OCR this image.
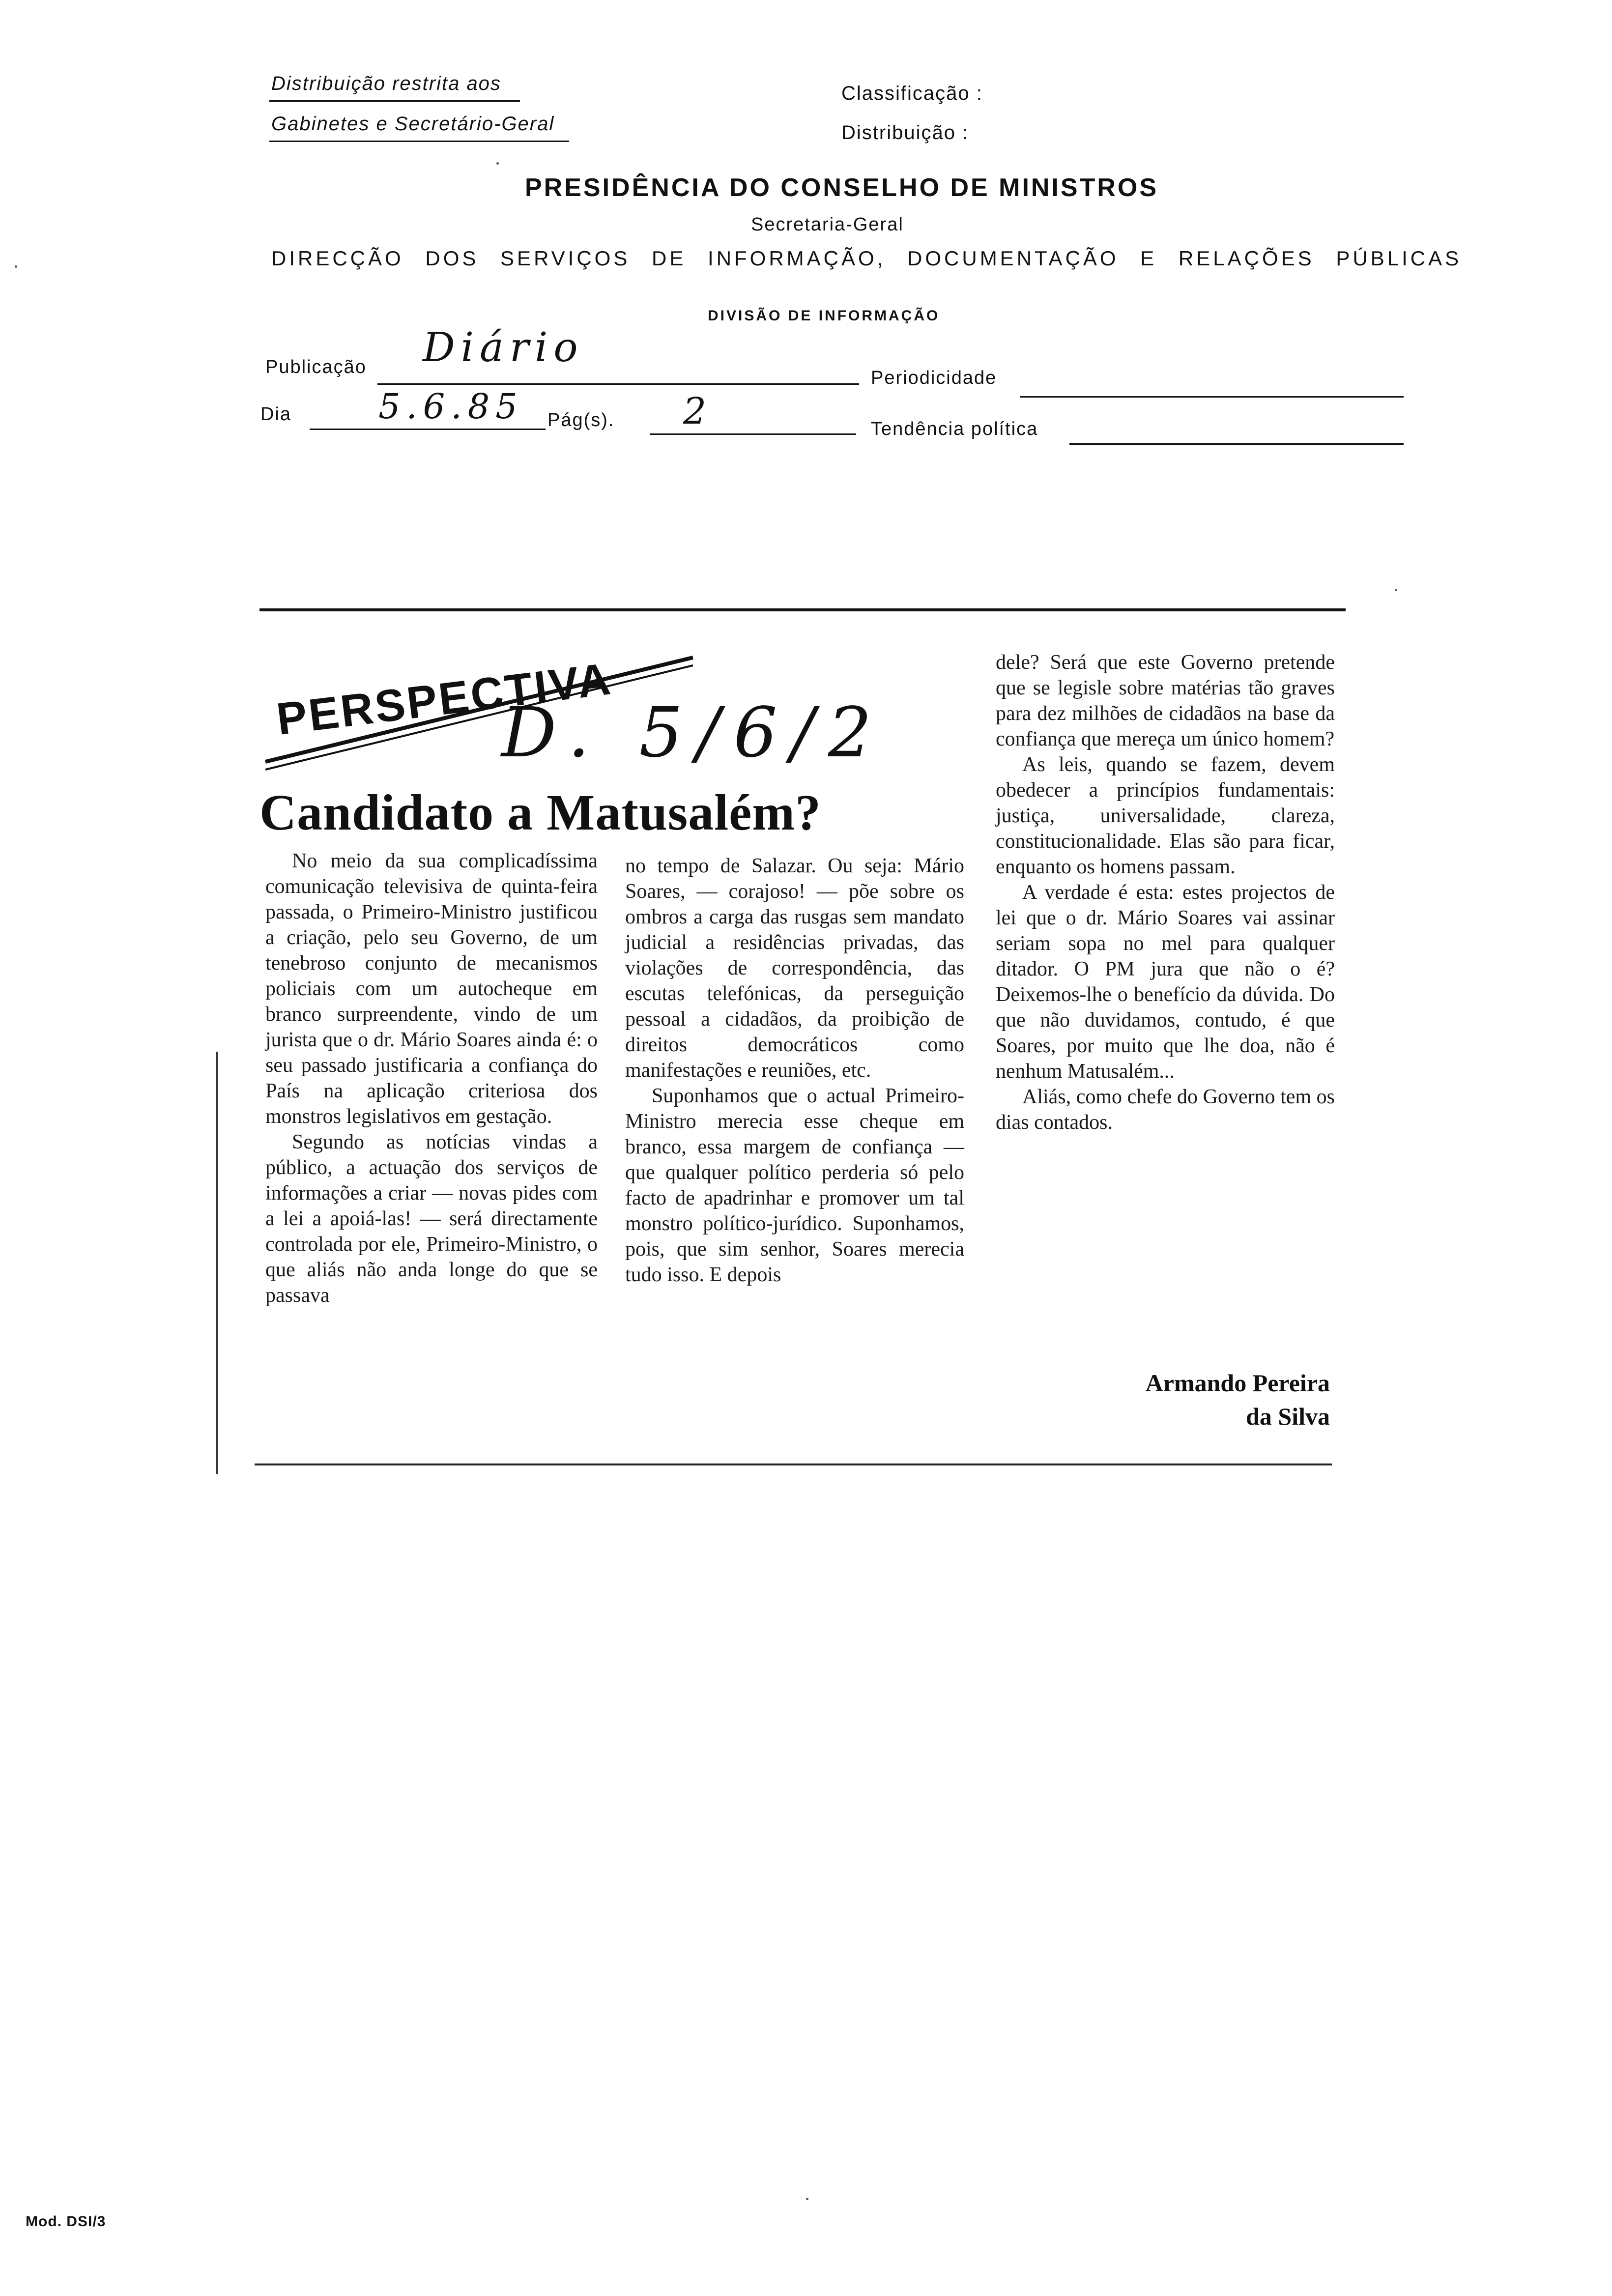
Distribuição restrita aos
Gabinetes e Secretário-Geral
Classificação :
Distribuição :
PRESIDÊNCIA DO CONSELHO DE MINISTROS
Secretaria-Geral
DIRECÇÃO DOS SERVIÇOS DE INFORMAÇÃO, DOCUMENTAÇÃO E RELAÇÕES PÚBLICAS
DIVISÃO DE INFORMAÇÃO
Publicação Diário
Periodicidade
Dia	5.6.85 Pág(s). 2	Tendência política
PERSPECTIVA
D. 5/6/2
Candidato a Matusalém?

No meio da sua complicadíssima comunicação televisiva de quinta-feira passada, o Primeiro-Ministro justificou a criação, pelo seu Governo, de um tenebroso conjunto de mecanismos policiais com um autocheque em branco surpreendente, vindo de um jurista que o dr. Mário Soares ainda é: o seu passado justificaria a confiança do País na aplicação criteriosa dos monstros legislativos em gestação.

Segundo as notícias vindas a público, a actuação dos serviços de informações a criar — novas pides com a lei a apoiá-las! — será directamente controlada por ele, Primeiro-Ministro, o que aliás não anda longe do que se passava

no tempo de Salazar. Ou seja: Mário Soares, — corajoso! — põe sobre os ombros a carga das rusgas sem mandato judicial a residências privadas, das violações de correspondência, das escutas telefónicas, da perseguição pessoal a cidadãos, da proibição de direitos democráticos como manifestações e reuniões, etc.

Suponhamos que o actual Primeiro-Ministro merecia esse cheque em branco, essa margem de confiança — que qualquer político perderia só pelo facto de apadrinhar e promover um tal monstro político-jurídico. Suponhamos, pois, que sim senhor, Soares merecia tudo isso. E depois

dele? Será que este Governo pretende que se legisle sobre matérias tão graves para dez milhões de cidadãos na base da confiança que mereça um único homem?

As leis, quando se fazem, devem obedecer a princípios fundamentais: justiça, universalidade, clareza, constitucionalidade. Elas são para ficar, enquanto os homens passam.

A verdade é esta: estes projectos de lei que o dr. Mário Soares vai assinar seriam sopa no mel para qualquer ditador. O PM jura que não o é? Deixemos-lhe o benefício da dúvida. Do que não duvidamos, contudo, é que Soares, por muito que lhe doa, não é nenhum Matusalém...

Aliás, como chefe do Governo tem os dias contados.

Armando Pereira
da Silva
Mod. DSI/3
